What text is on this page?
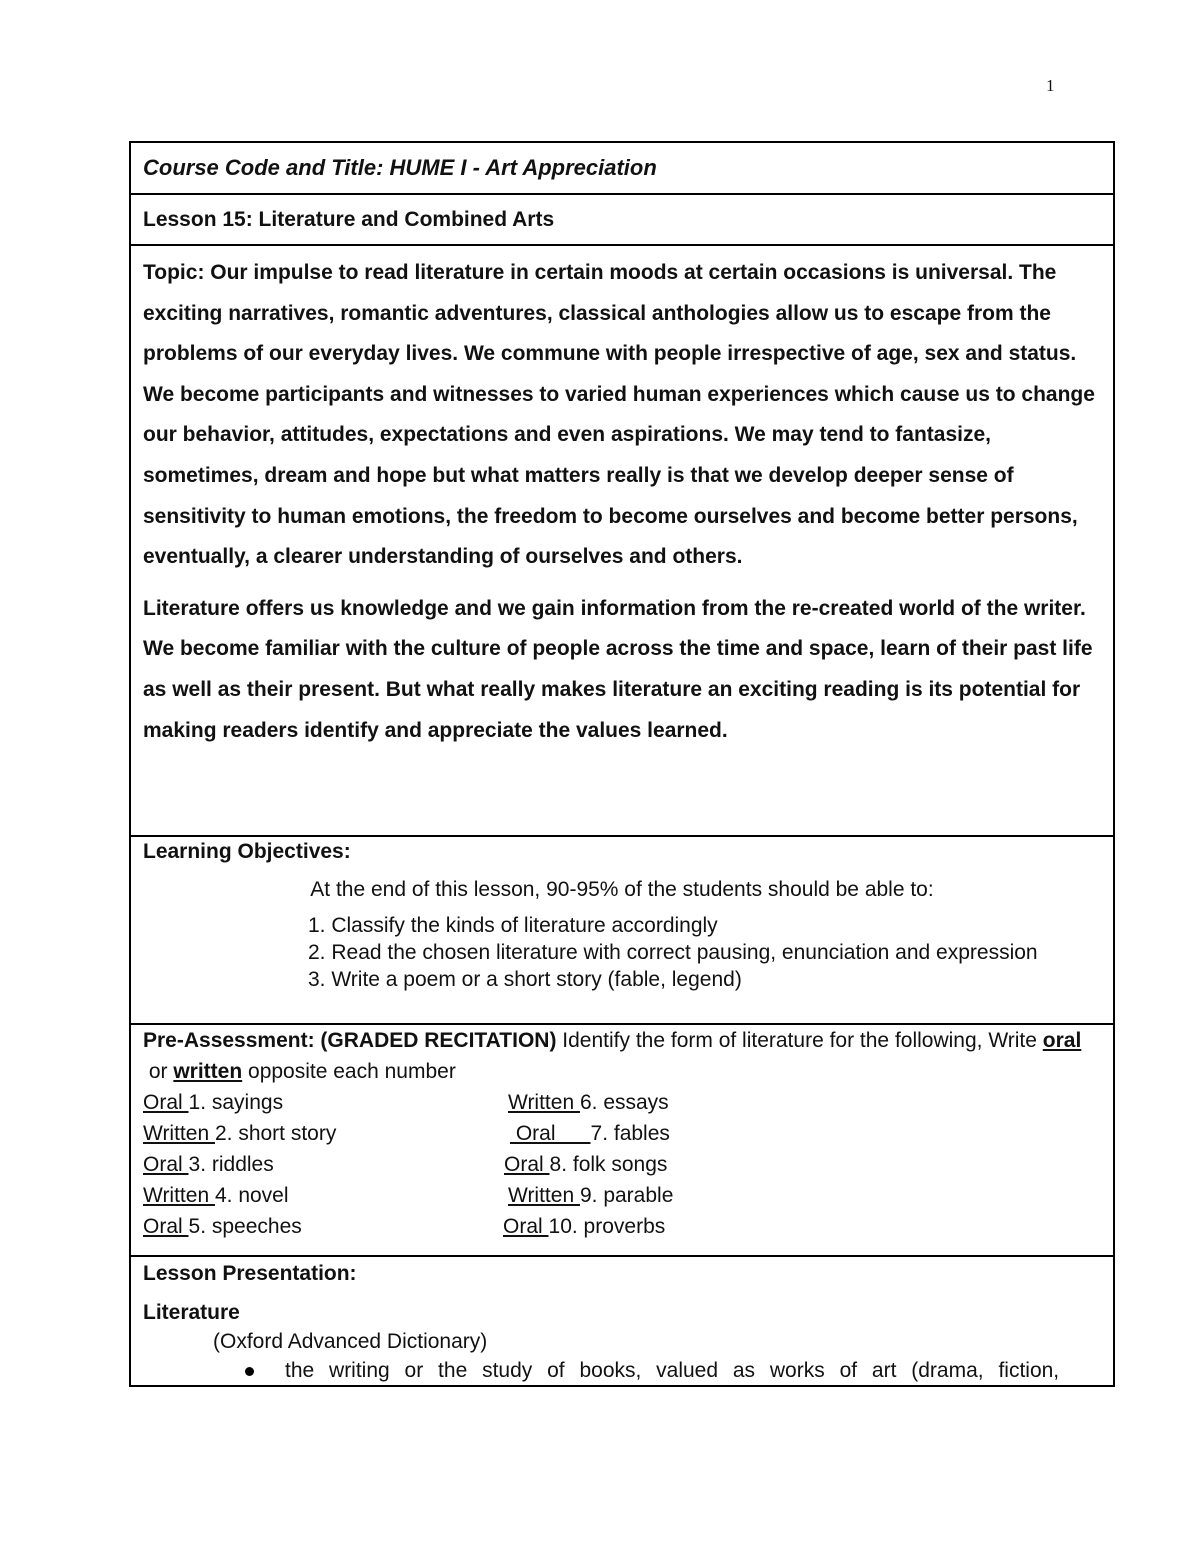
1
Course Code and Title: HUME I - Art Appreciation

Lesson 15: Literature and Combined Arts

Topic: Our impulse to read literature in certain moods at certain occasions is universal. The exciting narratives, romantic adventures, classical anthologies allow us to escape from the problems of our everyday lives. We commune with people irrespective of age, sex and status. We become participants and witnesses to varied human experiences which cause us to change our behavior, attitudes, expectations and even aspirations. We may tend to fantasize, sometimes, dream and hope but what matters really is that we develop deeper sense of sensitivity to human emotions, the freedom to become ourselves and become better persons, eventually, a clearer understanding of ourselves and others.

Literature offers us knowledge and we gain information from the re-created world of the writer. We become familiar with the culture of people across the time and space, learn of their past life as well as their present. But what really makes literature an exciting reading is its potential for making readers identify and appreciate the values learned.

Learning Objectives:

At the end of this lesson, 90-95% of the students should be able to:

1. Classify the kinds of literature accordingly
2. Read the chosen literature with correct pausing, enunciation and expression
3. Write a poem or a short story (fable, legend)

Pre-Assessment: (GRADED RECITATION) Identify the form of literature for the following, Write oral or written opposite each number

Oral 1. sayings
Written 2. short story
Oral 3. riddles
Written 4. novel
Oral 5. speeches
Written 6. essays
Oral      7. fables
Oral 8. folk songs
Written 9. parable
Oral 10. proverbs

Lesson Presentation:

Literature

(Oxford Advanced Dictionary)

the writing or the study of books, valued as works of art (drama, fiction,
